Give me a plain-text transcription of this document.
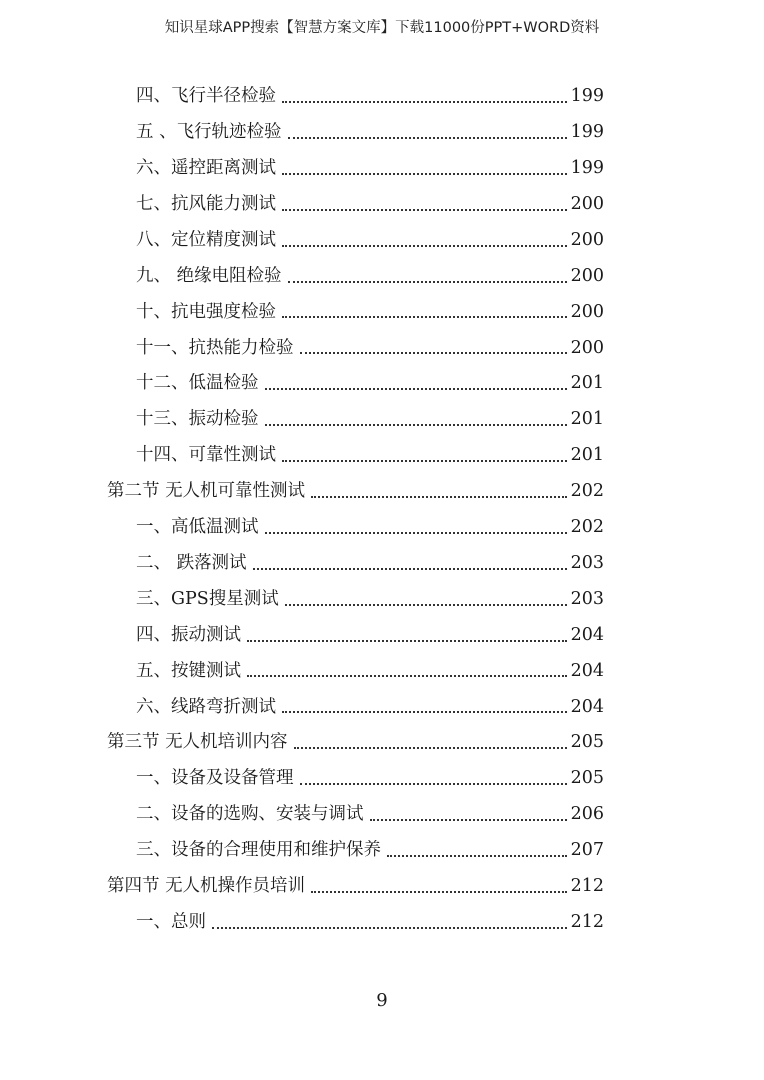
知识星球APP搜索【智慧方案文库】下载11000份PPT+WORD资料
四、飞行半径检验	199
五 、飞行轨迹检验	199
六、遥控距离测试	199
七、抗风能力测试	200
八、定位精度测试	200
九、 绝缘电阻检验	200
十、抗电强度检验	200
十一、抗热能力检验	200
十二、低温检验	201
十三、振动检验	201
十四、可靠性测试	201
第二节 无人机可靠性测试	202
一、高低温测试	202
二、 跌落测试	203
三、GPS搜星测试	203
四、振动测试	204
五、按键测试	204
六、线路弯折测试	204
第三节 无人机培训内容	205
一、设备及设备管理	205
二、设备的选购、安装与调试	206
三、设备的合理使用和维护保养	207
第四节 无人机操作员培训	212
一、总则	212
9
